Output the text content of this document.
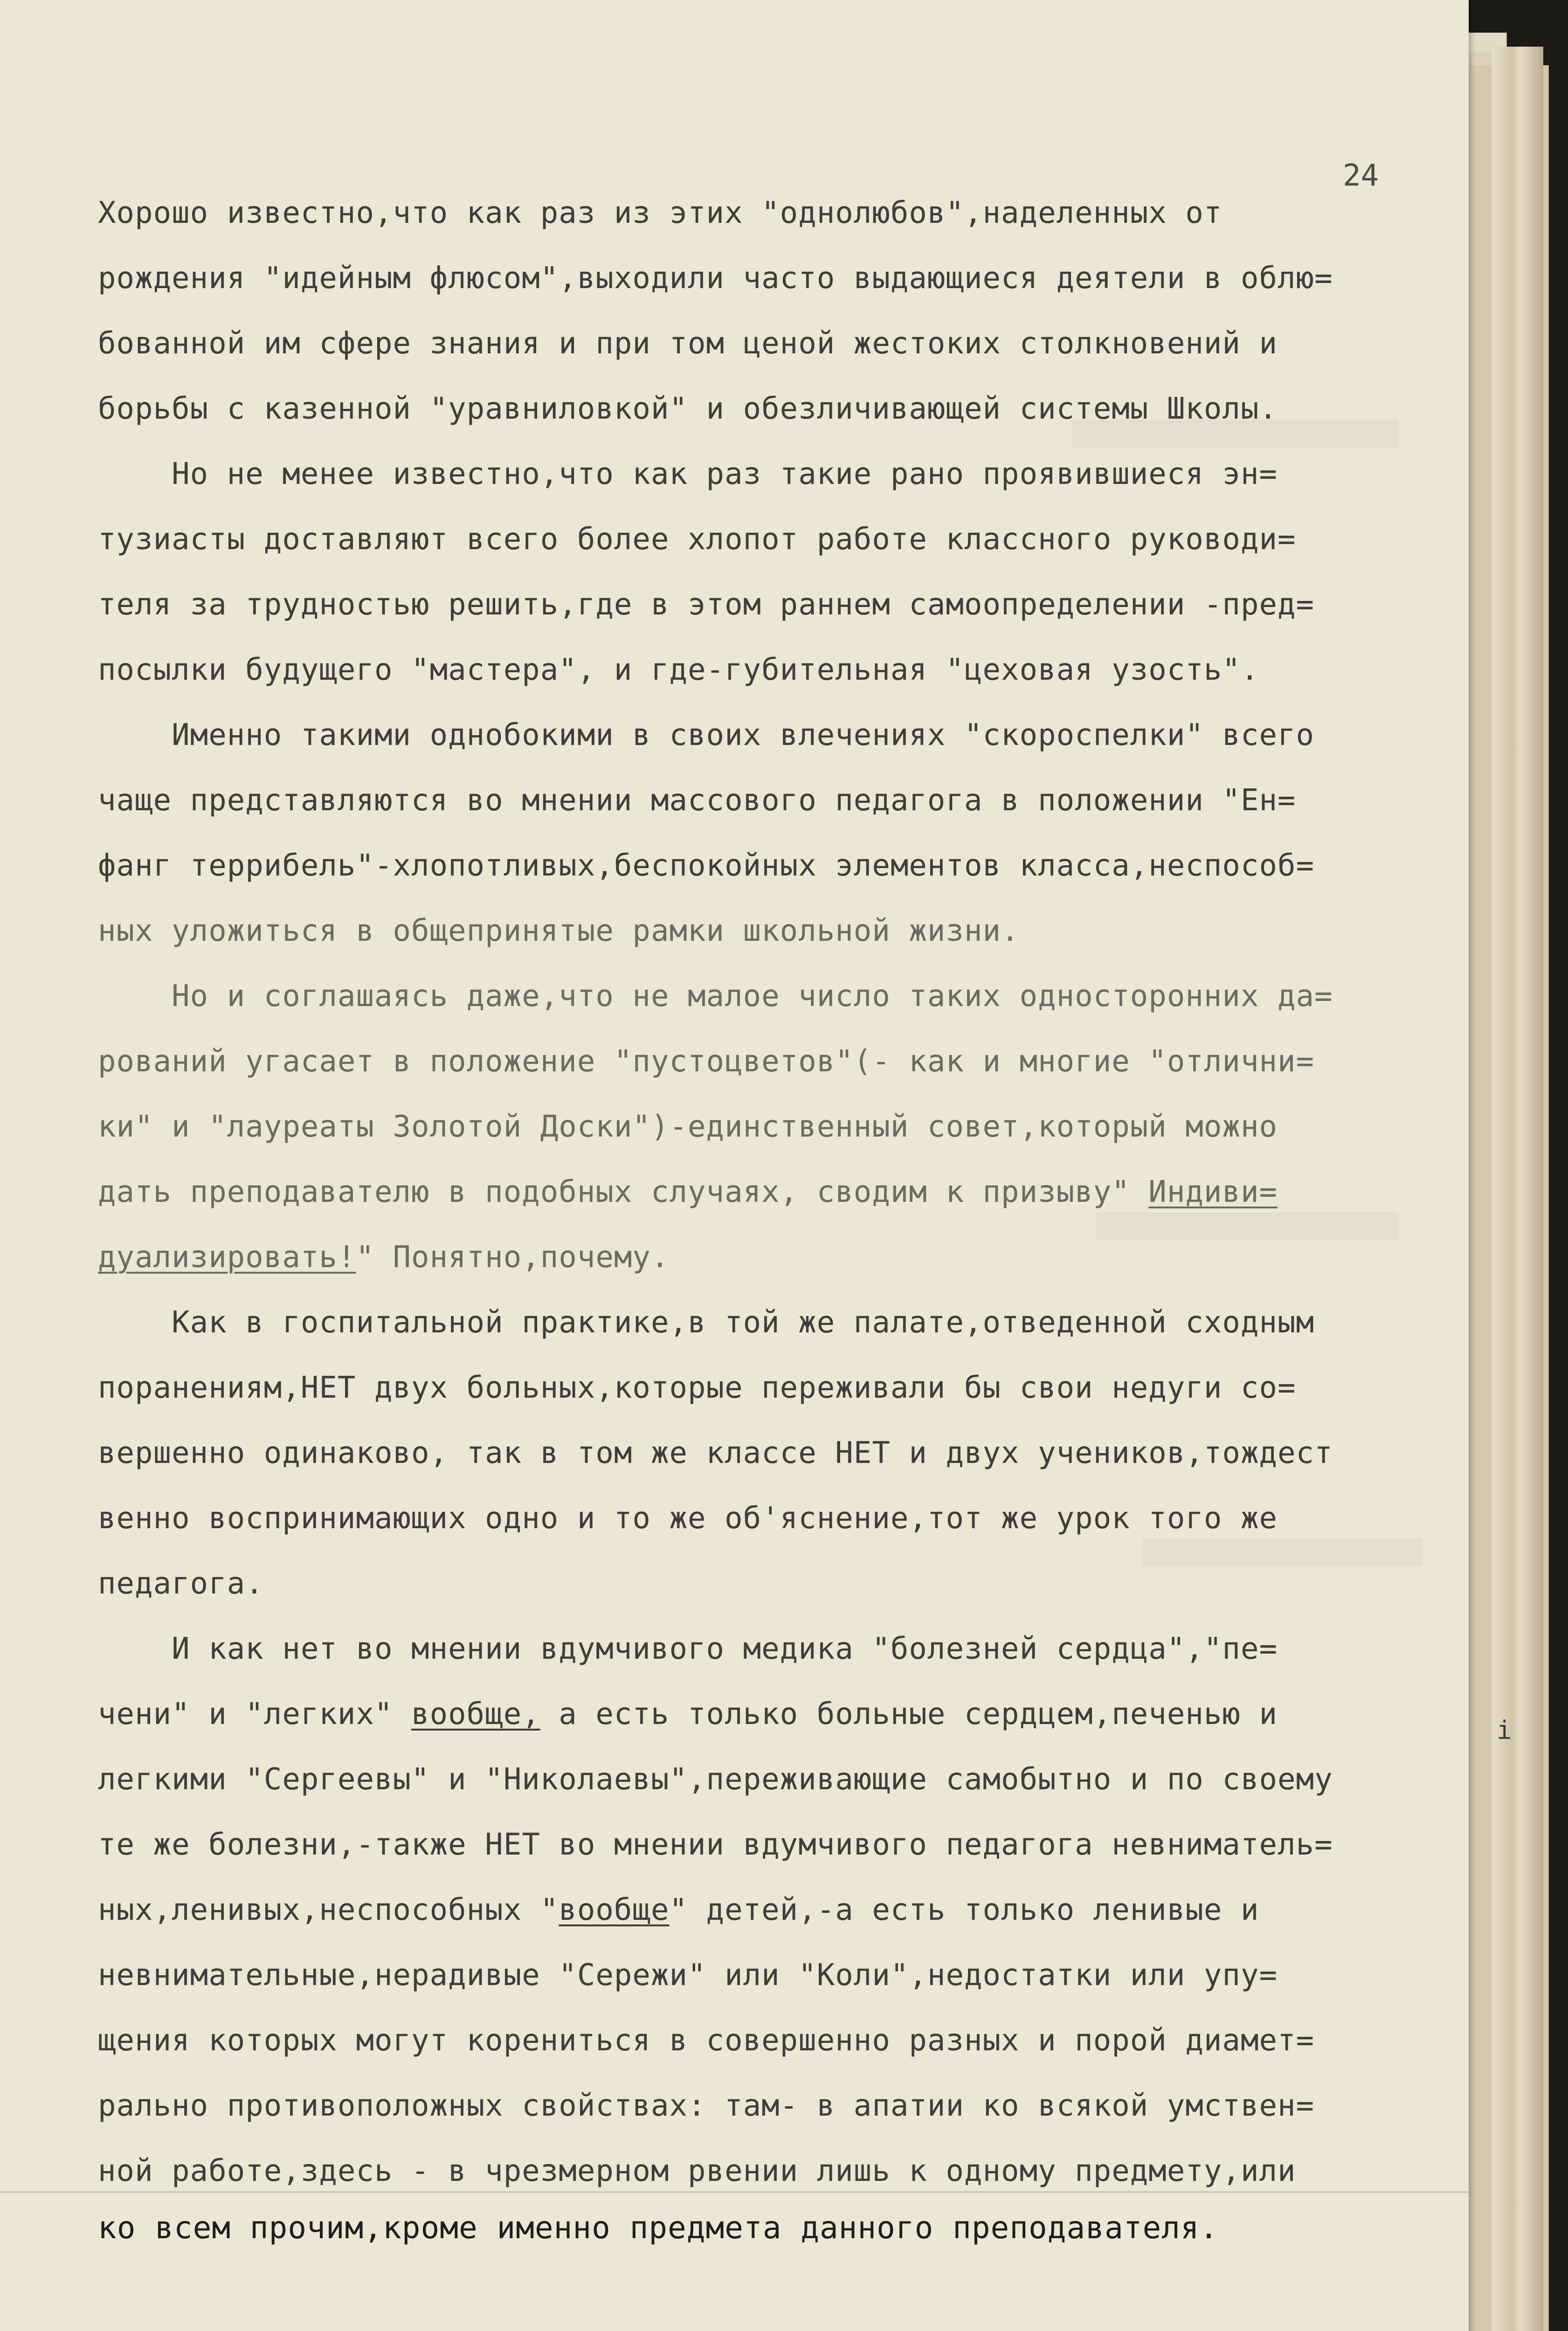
i
24
Хорошо известно,что как раз из этих "однолюбов",наделенных от
рождения "идейным флюсом",выходили часто выдающиеся деятели в облю=
бованной им сфере знания и при том ценой жестоких столкновений и
борьбы с казенной "уравниловкой" и обезличивающей системы Школы.
Но не менее известно,что как раз такие рано проявившиеся эн=
тузиасты доставляют всего более хлопот работе классного руководи=
теля за трудностью решить,где в этом раннем самоопределении -пред=
посылки будущего "мастера", и где-губительная "цеховая узость".
Именно такими однобокими в своих влечениях "скороспелки" всего
чаще представляются во мнении массового педагога в положении "Ен=
фанг террибель"-хлопотливых,беспокойных элементов класса,неспособ=
ных уложиться в общепринятые рамки школьной жизни.
Но и соглашаясь даже,что не малое число таких односторонних да=
рований угасает в положение "пустоцветов"(- как и многие "отлични=
ки" и "лауреаты Золотой Доски")-единственный совет,который можно
дать преподавателю в подобных случаях, сводим к призыву" Индиви=
дуализировать!" Понятно,почему.
Как в госпитальной практике,в той же палате,отведенной сходным
поранениям,НЕТ двух больных,которые переживали бы свои недуги со=
вершенно одинаково, так в том же классе НЕТ и двух учеников,тождест
венно воспринимающих одно и то же об'яснение,тот же урок того же
педагога.
И как нет во мнении вдумчивого медика "болезней сердца","пе=
чени" и "легких" вообще, а есть только больные сердцем,печенью и
легкими "Сергеевы" и "Николаевы",переживающие самобытно и по своему
те же болезни,-также НЕТ во мнении вдумчивого педагога невниматель=
ных,ленивых,неспособных "вообще" детей,-а есть только ленивые и
невнимательные,нерадивые "Сережи" или "Коли",недостатки или упу=
щения которых могут корениться в совершенно разных и порой диамет=
рально противоположных свойствах: там- в апатии ко всякой умствен=
ной работе,здесь - в чрезмерном рвении лишь к одному предмету,или
ко всем прочим,кроме именно предмета данного преподавателя.
